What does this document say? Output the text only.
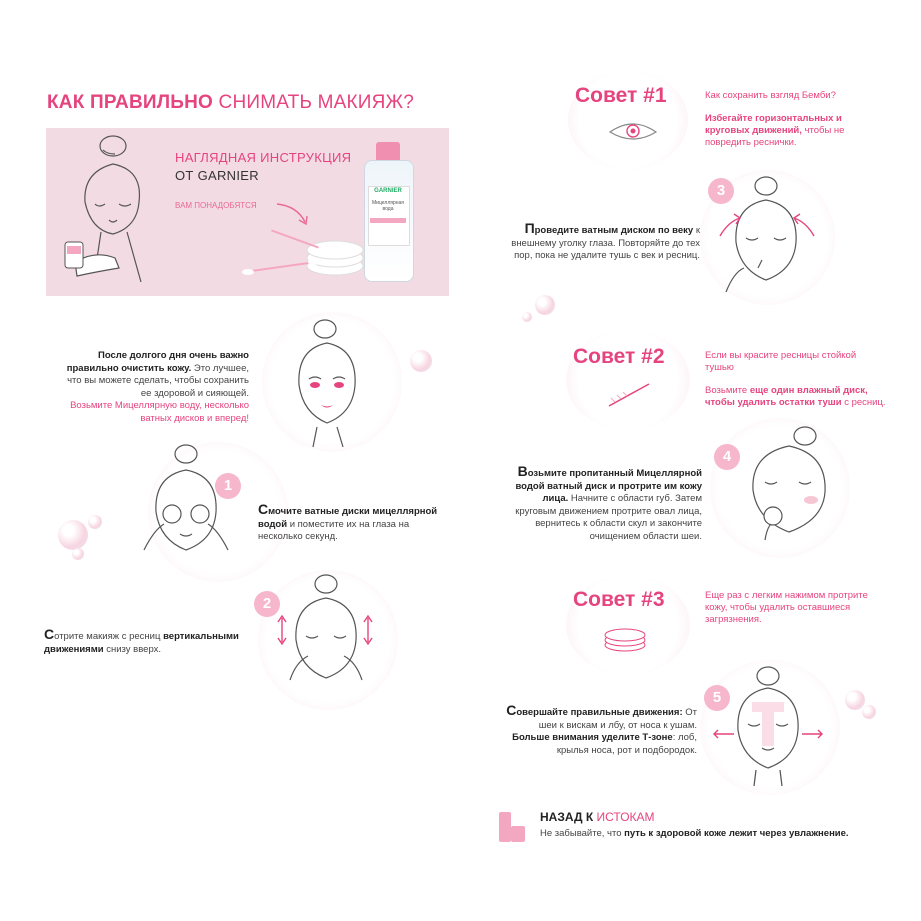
КАК ПРАВИЛЬНО СНИМАТЬ МАКИЯЖ?
НАГЛЯДНАЯ ИНСТРУКЦИЯ
ОТ GARNIER
ВАМ ПОНАДОБЯТСЯ
GARNIER
Мицеллярная вода
После долгого дня очень важно правильно очистить кожу. Это лучшее, что вы можете сделать, чтобы сохранить ее здоровой и сияющей.
Возьмите Мицеллярную воду, несколько ватных дисков и вперед!
1
Смочите ватные диски мицеллярной водой и поместите их на глаза на несколько секунд.
2
Сотрите макияж с ресниц вертикальными движениями снизу вверх.
Совет #1	Как сохранить взгляд Бемби?
Избегайте горизонтальных и круговых движений, чтобы не повредить реснички.
3
Проведите ватным диском по веку к внешнему уголку глаза. Повторяйте до тех пор, пока не удалите тушь с век и ресниц.
Совет #2	Если вы красите ресницы стойкой тушью
Возьмите еще один влажный диск, чтобы удалить остатки туши с ресниц.
4
Возьмите пропитанный Мицеллярной водой ватный диск и протрите им кожу лица. Начните с области губ. Затем круговым движением протрите овал лица, вернитесь к области скул и закончите очищением области шеи.
Совет #3	Еще раз с легким нажимом протрите кожу, чтобы удалить оставшиеся загрязнения.
5
Совершайте правильные движения: От шеи к вискам и лбу, от носа к ушам. Больше внимания уделите Т-зоне: лоб, крылья носа, рот и подбородок.
НАЗАД К ИСТОКАМ
Не забывайте, что путь к здоровой коже лежит через увлажнение.
